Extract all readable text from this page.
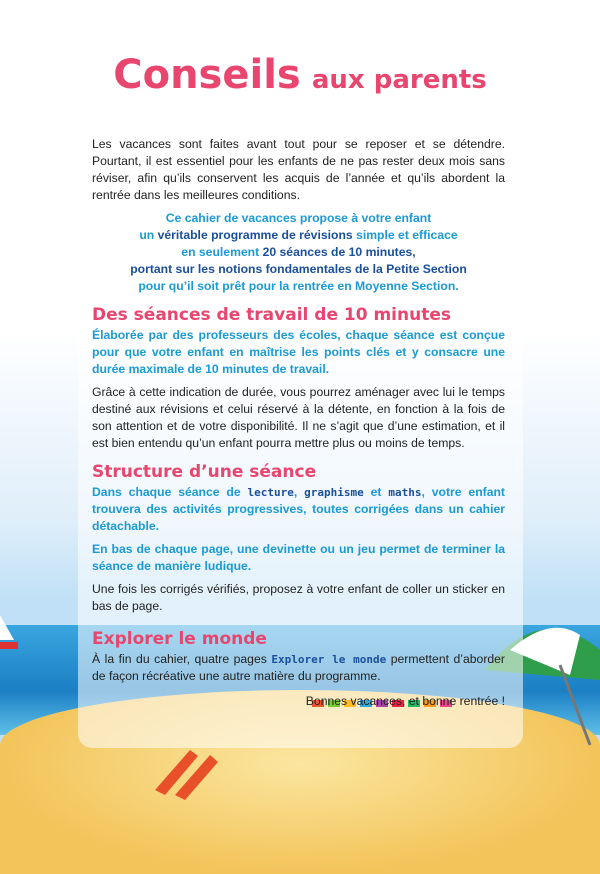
Conseils aux parents

Les vacances sont faites avant tout pour se reposer et se détendre. Pourtant, il est essentiel pour les enfants de ne pas rester deux mois sans réviser, afin qu’ils conservent les acquis de l’année et qu’ils abordent la rentrée dans les meilleures conditions.

Ce cahier de vacances propose à votre enfant
un véritable programme de révisions simple et efficace
en seulement 20 séances de 10 minutes,
portant sur les notions fondamentales de la Petite Section
pour qu’il soit prêt pour la rentrée en Moyenne Section.

Des séances de travail de 10 minutes

Élaborée par des professeurs des écoles, chaque séance est conçue pour que votre enfant en maîtrise les points clés et y consacre une durée maximale de 10 minutes de travail.

Grâce à cette indication de durée, vous pourrez aménager avec lui le temps destiné aux révisions et celui réservé à la détente, en fonction à la fois de son attention et de votre disponibilité. Il ne s’agit que d’une estimation, et il est bien entendu qu’un enfant pourra mettre plus ou moins de temps.

Structure d’une séance

Dans chaque séance de lecture, graphisme et maths, votre enfant trouvera des activités progressives, toutes corrigées dans un cahier détachable.

En bas de chaque page, une devinette ou un jeu permet de terminer la séance de manière ludique.

Une fois les corrigés vérifiés, proposez à votre enfant de coller un sticker en bas de page.

Explorer le monde

À la fin du cahier, quatre pages Explorer le monde permettent d’aborder de façon récréative une autre matière du programme.

Bonnes vacances, et bonne rentrée !
